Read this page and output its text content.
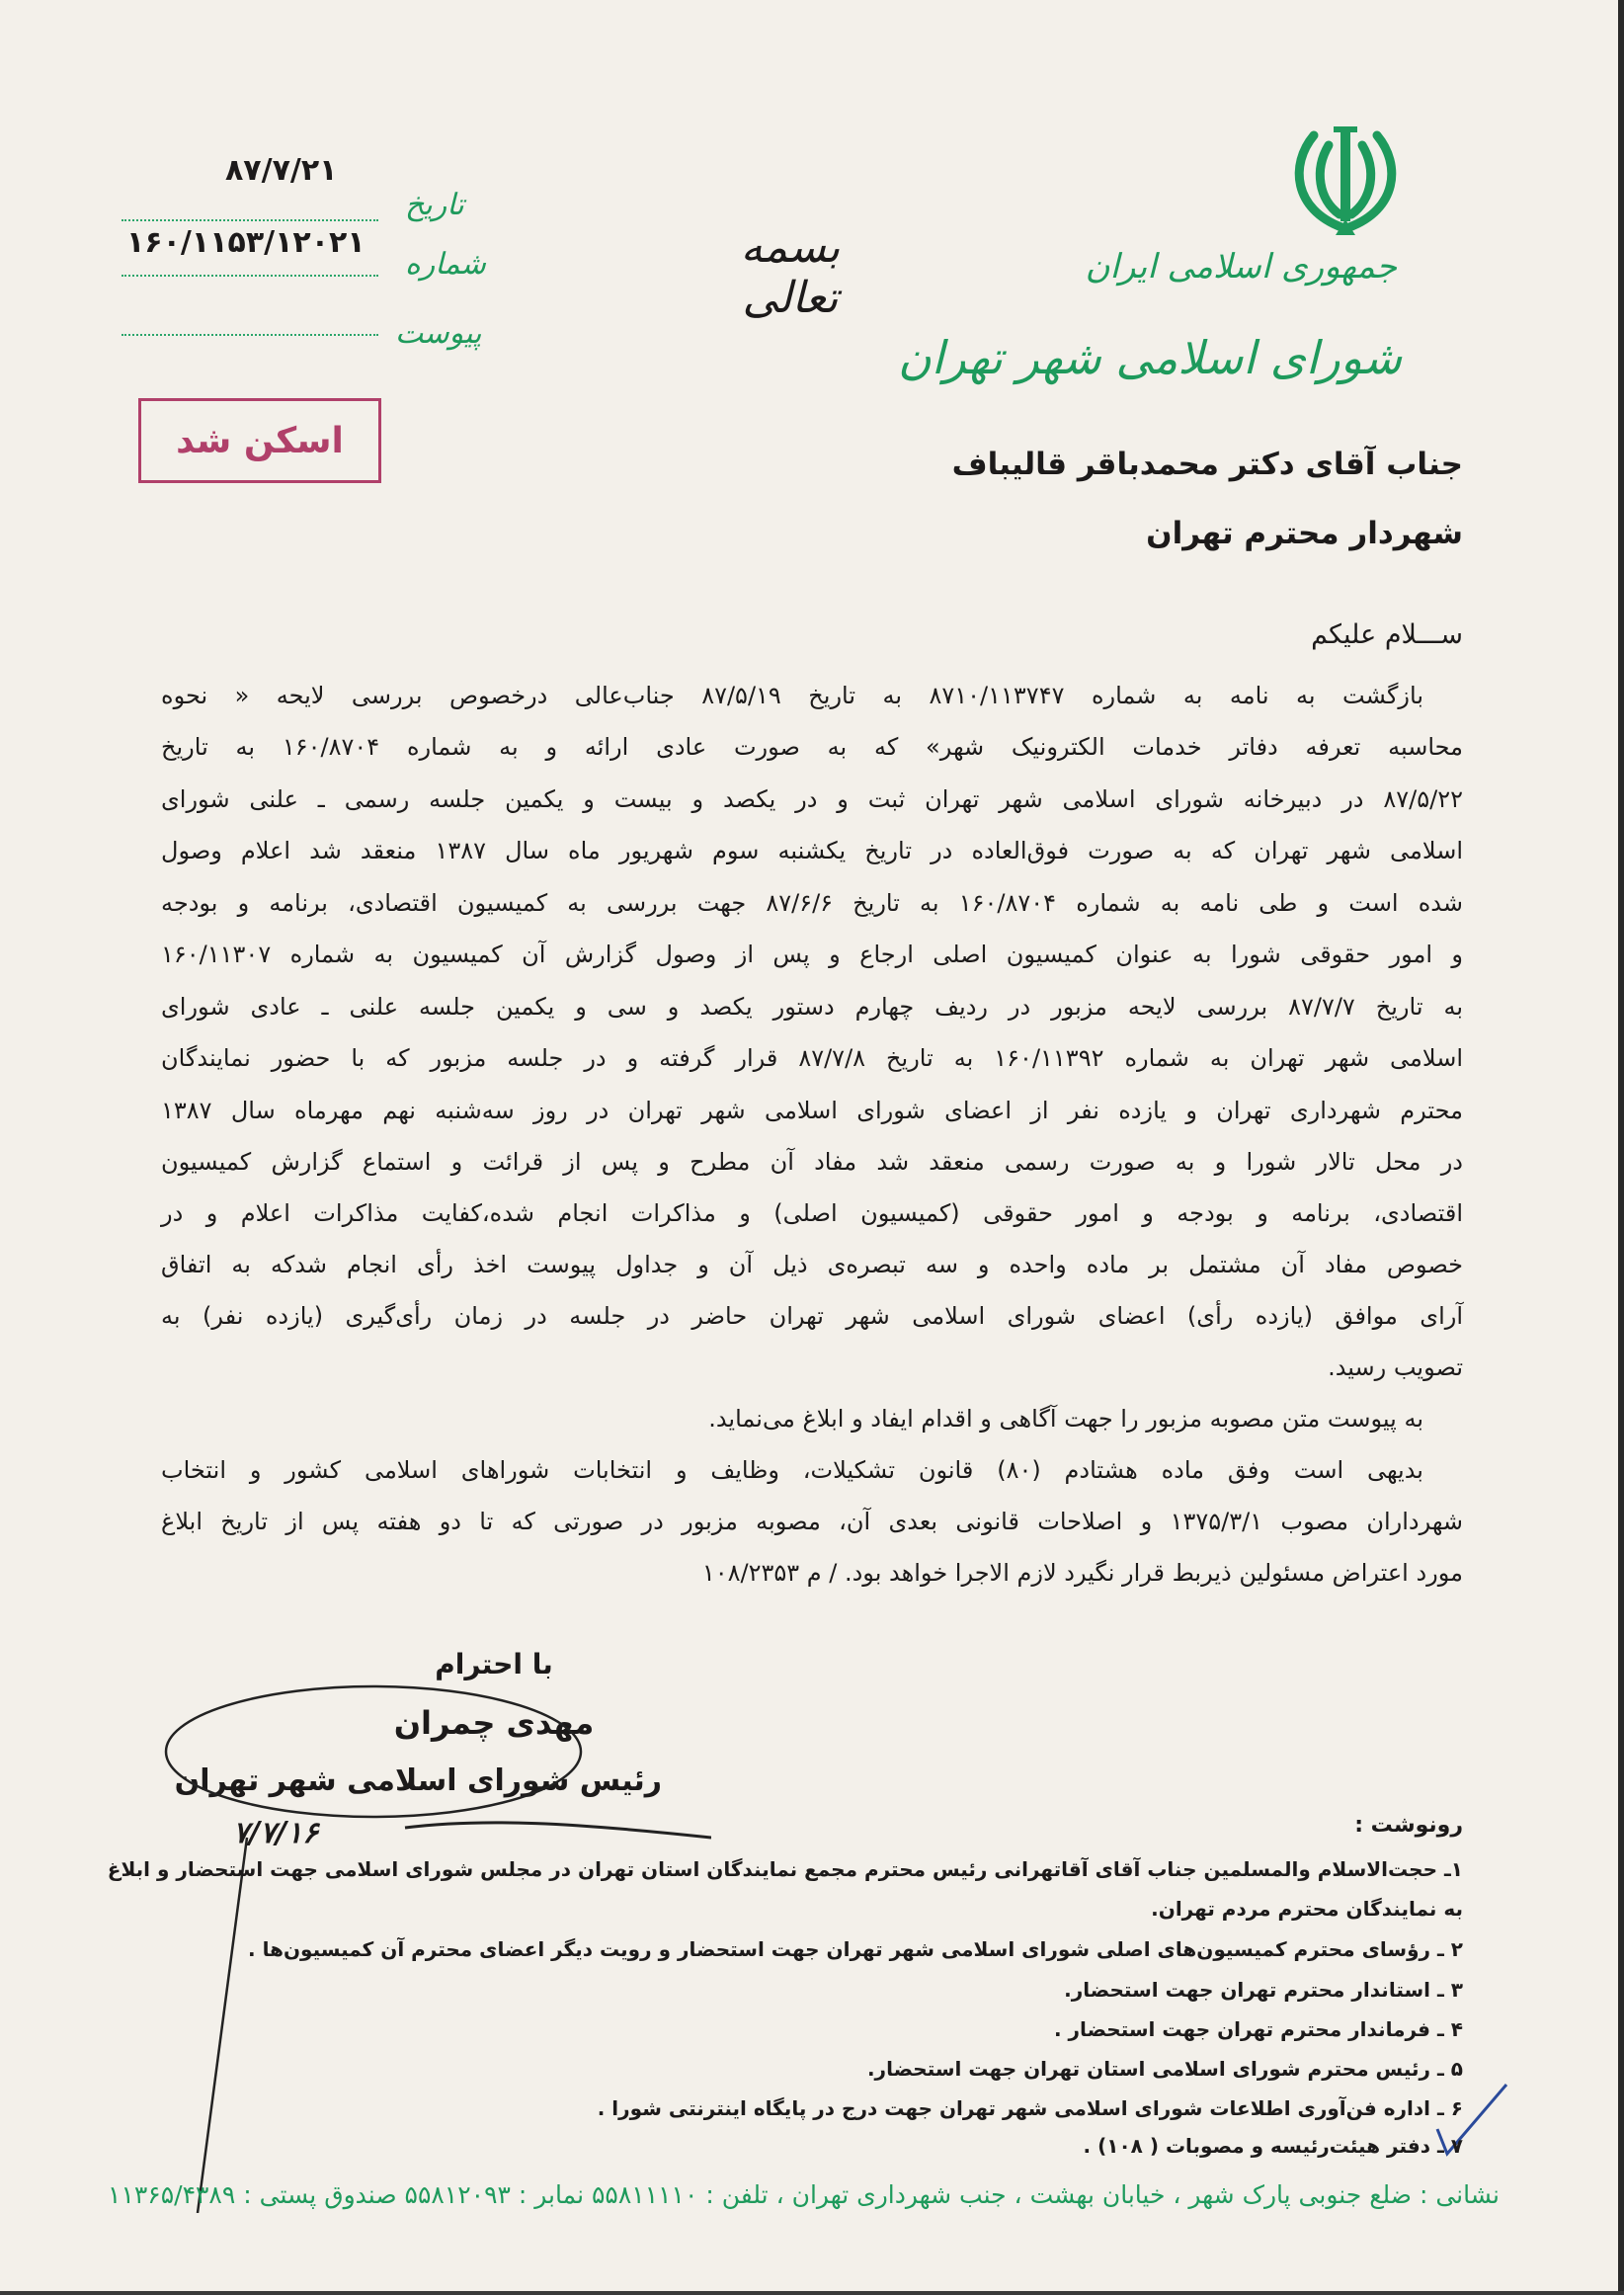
جمهوری اسلامی ایران
شورای اسلامی شهر تهران
بسمه تعالی
تاریخ
۸۷/۷/۲۱
شماره
۱۶۰/۱۱۵۳/۱۲۰۲۱
پیوست
اسکن شد
جناب آقای دکتر محمدباقر قالیباف
شهردار محترم تهران
ســـلام علیکم
بازگشت به نامه به شماره ۸۷۱۰/۱۱۳۷۴۷ به تاریخ ۸۷/۵/۱۹ جناب‌عالی درخصوص بررسی لایحه « نحوه
محاسبه تعرفه دفاتر خدمات الکترونیک شهر» که به صورت عادی ارائه و به شماره ۱۶۰/۸۷۰۴ به تاریخ
۸۷/۵/۲۲ در دبیرخانه شورای اسلامی شهر تهران ثبت و در یکصد و بیست و یکمین جلسه رسمی ـ علنی شورای
اسلامی شهر تهران که به صورت فوق‌العاده در تاریخ یکشنبه سوم شهریور ماه سال ۱۳۸۷ منعقد شد اعلام وصول
شده است و طی نامه به شماره ۱۶۰/۸۷۰۴ به تاریخ ۸۷/۶/۶ جهت بررسی به کمیسیون اقتصادی، برنامه و بودجه
و امور حقوقی شورا به عنوان کمیسیون اصلی ارجاع و پس از وصول گزارش آن کمیسیون به شماره ۱۶۰/۱۱۳۰۷
به تاریخ ۸۷/۷/۷ بررسی لایحه مزبور در ردیف چهارم دستور یکصد و سی و یکمین جلسه علنی ـ عادی شورای
اسلامی شهر تهران به شماره ۱۶۰/۱۱۳۹۲ به تاریخ ۸۷/۷/۸ قرار گرفته و در جلسه مزبور که با حضور نمایندگان
محترم شهرداری تهران و یازده نفر از اعضای شورای اسلامی شهر تهران در روز سه‌شنبه نهم مهرماه سال ۱۳۸۷
در محل تالار شورا و به صورت رسمی منعقد شد مفاد آن مطرح و پس از قرائت و استماع گزارش کمیسیون
اقتصادی، برنامه و بودجه و امور حقوقی (کمیسیون اصلی) و مذاکرات انجام شده،کفایت مذاکرات اعلام و در
خصوص مفاد آن مشتمل بر ماده واحده و سه تبصره‌ی ذیل آن و جداول پیوست اخذ رأی انجام شدکه به اتفاق
آرای موافق (یازده رأی) اعضای شورای اسلامی شهر تهران حاضر در جلسه در زمان رأی‌گیری (یازده نفر) به
تصویب رسید.
به پیوست متن مصوبه مزبور را جهت آگاهی و اقدام ایفاد و ابلاغ می‌نماید.
بدیهی است وفق ماده هشتادم (۸۰) قانون تشکیلات، وظایف و انتخابات شوراهای اسلامی کشور و انتخاب
شهرداران مصوب ۱۳۷۵/۳/۱ و اصلاحات قانونی بعدی آن، مصوبه مزبور در صورتی که تا دو هفته پس از تاریخ ابلاغ
مورد اعتراض مسئولین ذیربط قرار نگیرد لازم الاجرا خواهد بود. / م ۱۰۸/۲۳۵۳
با احترام
مهدی چمران
رئیس شورای اسلامی شهر تهران
۷/۷/۱۶	رونوشت :
۱ـ حجت‌الاسلام والمسلمین جناب آقای آقاتهرانی رئیس محترم مجمع نمایندگان استان تهران در مجلس شورای اسلامی جهت استحضار و ابلاغ
به نمایندگان محترم مردم تهران.
۲ ـ رؤسای محترم کمیسیون‌های اصلی شورای اسلامی شهر تهران جهت استحضار و رویت دیگر اعضای محترم آن کمیسیون‌ها .
۳ ـ استاندار محترم تهران جهت استحضار.
۴ ـ فرماندار محترم تهران جهت استحضار .
۵ ـ رئیس محترم شورای اسلامی استان تهران جهت استحضار.
۶ ـ اداره فن‌آوری اطلاعات شورای اسلامی شهر تهران جهت درج در پایگاه اینترنتی شورا .
۷ ـ دفتر هیئت‌رئیسه و مصوبات ( ۱۰۸) .
نشانی : ضلع جنوبی پارک شهر ، خیابان بهشت ، جنب شهرداری تهران ، تلفن : ۵۵۸۱۱۱۱۰ نمابر : ۵۵۸۱۲۰۹۳ صندوق پستی : ۱۱۳۶۵/۴۳۸۹
